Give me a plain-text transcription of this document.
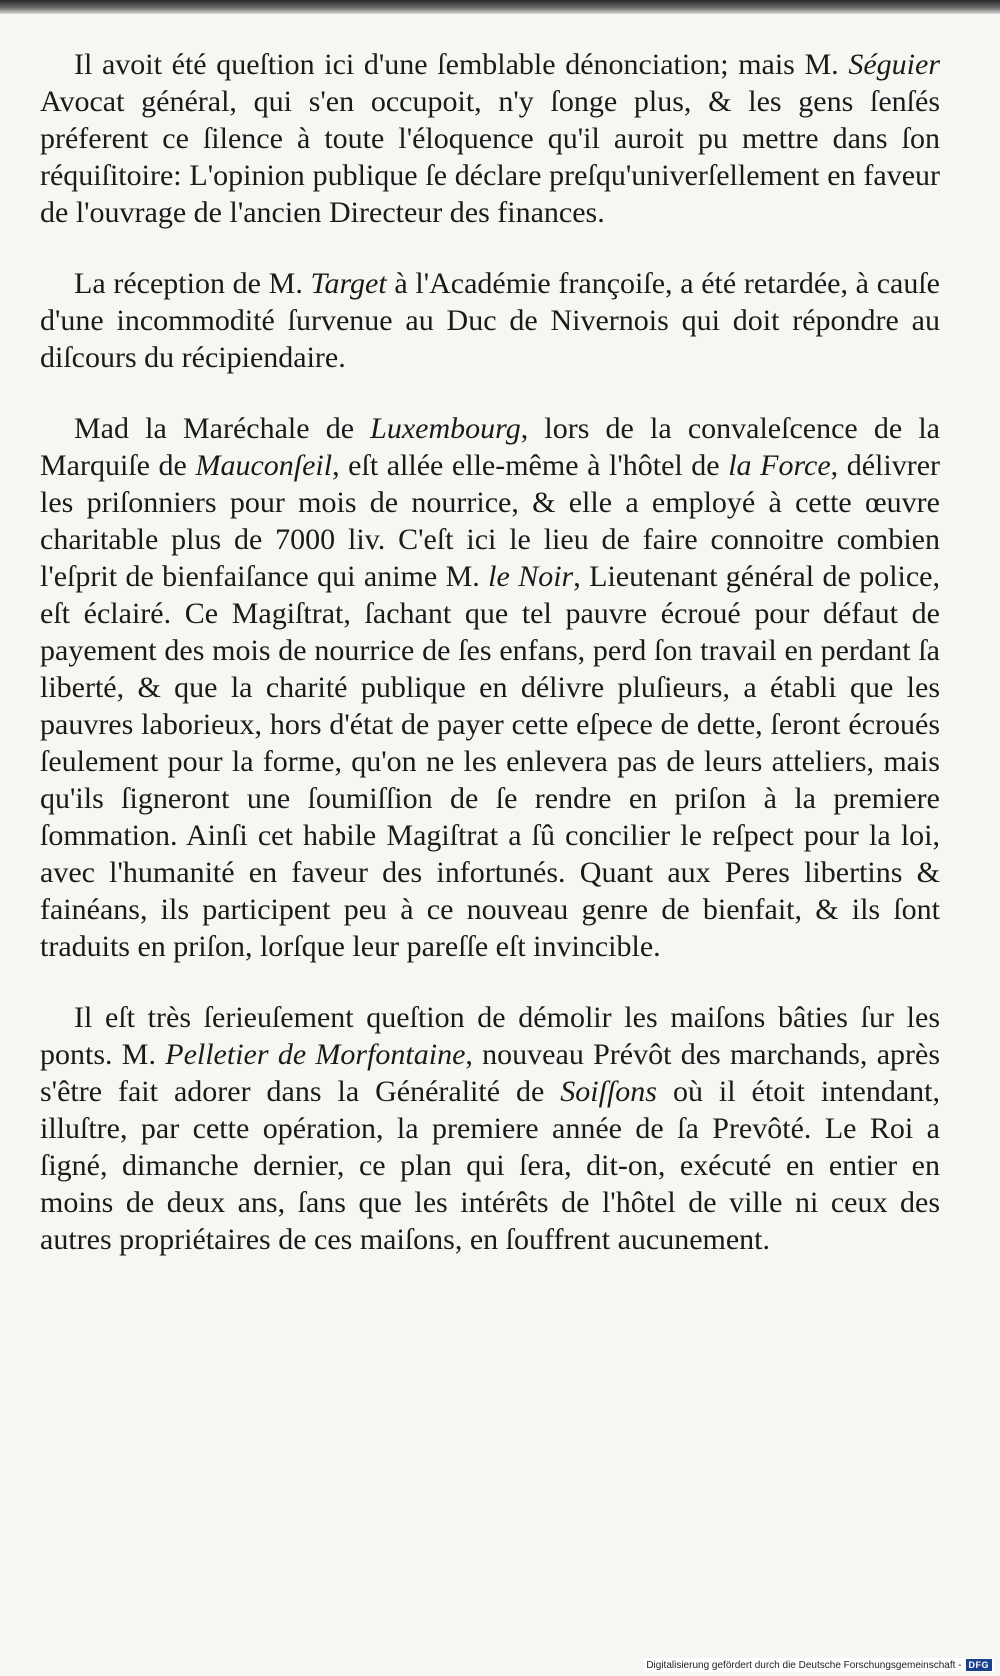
Il avoit été queſtion ici d'une ſemblable dénonciation; mais M. Séguier Avocat général, qui s'en occupoit, n'y ſonge plus, & les gens ſenſés préferent ce ſilence à toute l'éloquence qu'il auroit pu mettre dans ſon réquiſitoire: L'opinion publique ſe déclare preſqu'univerſellement en faveur de l'ouvrage de l'ancien Directeur des finances.

La réception de M. Target à l'Académie françoiſe, a été retardée, à cauſe d'une incommodité ſurvenue au Duc de Nivernois qui doit répondre au diſcours du récipiendaire.

Mad la Maréchale de Luxembourg, lors de la convaleſcence de la Marquiſe de Mauconſeil, eſt allée elle-même à l'hôtel de la Force, délivrer les priſonniers pour mois de nourrice, & elle a employé à cette œuvre charitable plus de 7000 liv. C'eſt ici le lieu de faire connoitre combien l'eſprit de bienfaiſance qui anime M. le Noir, Lieutenant général de police, eſt éclairé. Ce Magiſtrat, ſachant que tel pauvre écroué pour défaut de payement des mois de nourrice de ſes enfans, perd ſon travail en perdant ſa liberté, & que la charité publique en délivre pluſieurs, a établi que les pauvres laborieux, hors d'état de payer cette eſpece de dette, ſeront écroués ſeulement pour la forme, qu'on ne les enlevera pas de leurs atteliers, mais qu'ils ſigneront une ſoumiſſion de ſe rendre en priſon à la premiere ſommation. Ainſi cet habile Magiſtrat a ſû concilier le reſpect pour la loi, avec l'humanité en faveur des infortunés. Quant aux Peres libertins & fainéans, ils participent peu à ce nouveau genre de bienfait, & ils ſont traduits en priſon, lorſque leur pareſſe eſt invincible.

Il eſt très ſerieuſement queſtion de démolir les maiſons bâties ſur les ponts. M. Pelletier de Morfontaine, nouveau Prévôt des marchands, après s'être fait adorer dans la Généralité de Soiſſons où il étoit intendant, illuſtre, par cette opération, la premiere année de ſa Prevôté. Le Roi a ſigné, dimanche dernier, ce plan qui ſera, dit-on, exécuté en entier en moins de deux ans, ſans que les intérêts de l'hôtel de ville ni ceux des autres propriétaires de ces maiſons, en ſouffrent aucunement.

Digitalisierung gefördert durch die Deutsche Forschungsgemeinschaft - DFG
